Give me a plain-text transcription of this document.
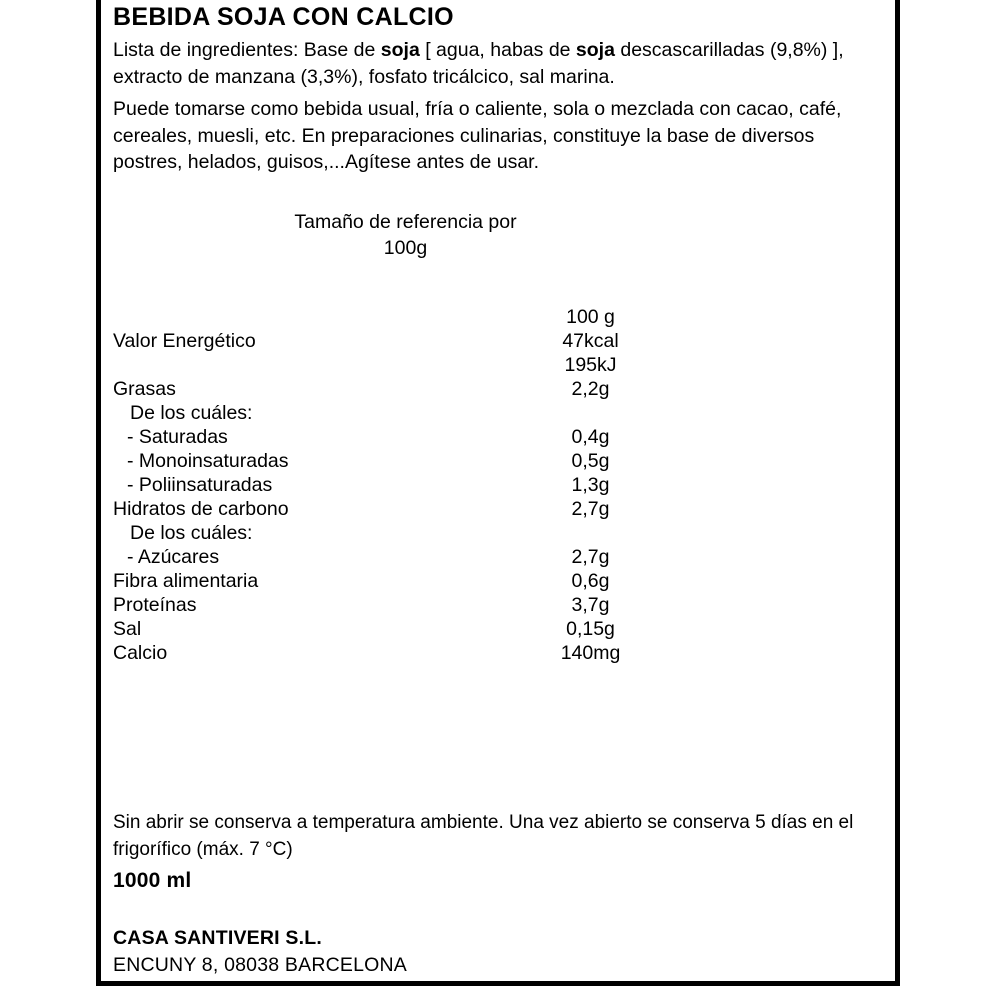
BEBIDA SOJA CON CALCIO

Lista de ingredientes: Base de soja [ agua, habas de soja descascarilladas (9,8%) ], extracto de manzana (3,3%), fosfato tricálcico, sal marina.

Puede tomarse como bebida usual, fría o caliente, sola o mezclada con cacao, café, cereales, muesli, etc. En preparaciones culinarias, constituye la base de diversos postres, helados, guisos,...Agítese antes de usar.

Tamaño de referencia por
100g
	100 g
Valor Energético	47kcal
	195kJ
Grasas	2,2g
De los cuáles:	
- Saturadas	0,4g
- Monoinsaturadas	0,5g
- Poliinsaturadas	1,3g
Hidratos de carbono	2,7g
De los cuáles:	
- Azúcares	2,7g
Fibra alimentaria	0,6g
Proteínas	3,7g
Sal	0,15g
Calcio	140mg

Sin abrir se conserva a temperatura ambiente. Una vez abierto se conserva 5 días en el frigorífico (máx. 7 °C)

1000 ml
CASA SANTIVERI S.L.
ENCUNY 8, 08038 BARCELONA
